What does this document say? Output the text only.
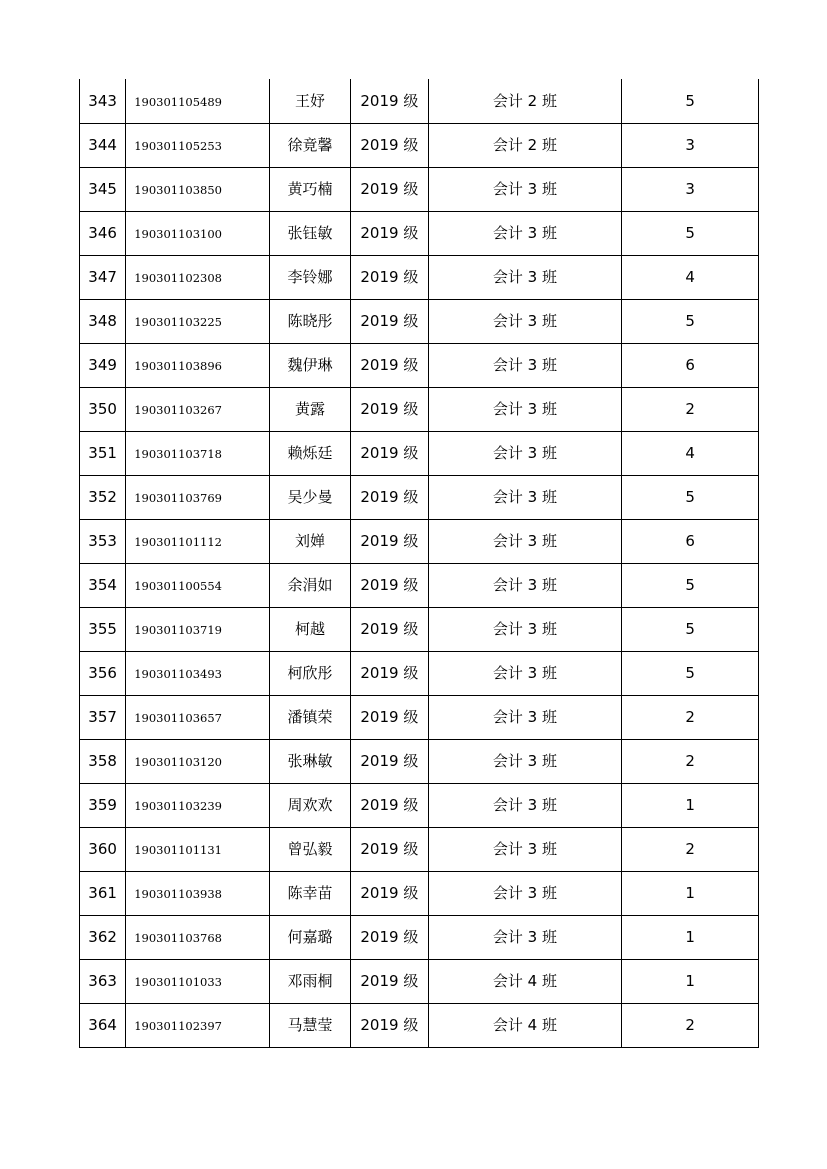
343	190301105489	王妤	2019 级	会计 2 班	5
344	190301105253	徐竟馨	2019 级	会计 2 班	3
345	190301103850	黄巧楠	2019 级	会计 3 班	3
346	190301103100	张钰敏	2019 级	会计 3 班	5
347	190301102308	李铃娜	2019 级	会计 3 班	4
348	190301103225	陈晓彤	2019 级	会计 3 班	5
349	190301103896	魏伊琳	2019 级	会计 3 班	6
350	190301103267	黄露	2019 级	会计 3 班	2
351	190301103718	赖烁廷	2019 级	会计 3 班	4
352	190301103769	吴少曼	2019 级	会计 3 班	5
353	190301101112	刘婵	2019 级	会计 3 班	6
354	190301100554	余涓如	2019 级	会计 3 班	5
355	190301103719	柯越	2019 级	会计 3 班	5
356	190301103493	柯欣彤	2019 级	会计 3 班	5
357	190301103657	潘镇荣	2019 级	会计 3 班	2
358	190301103120	张琳敏	2019 级	会计 3 班	2
359	190301103239	周欢欢	2019 级	会计 3 班	1
360	190301101131	曾弘毅	2019 级	会计 3 班	2
361	190301103938	陈幸苗	2019 级	会计 3 班	1
362	190301103768	何嘉璐	2019 级	会计 3 班	1
363	190301101033	邓雨桐	2019 级	会计 4 班	1
364	190301102397	马慧莹	2019 级	会计 4 班	2
